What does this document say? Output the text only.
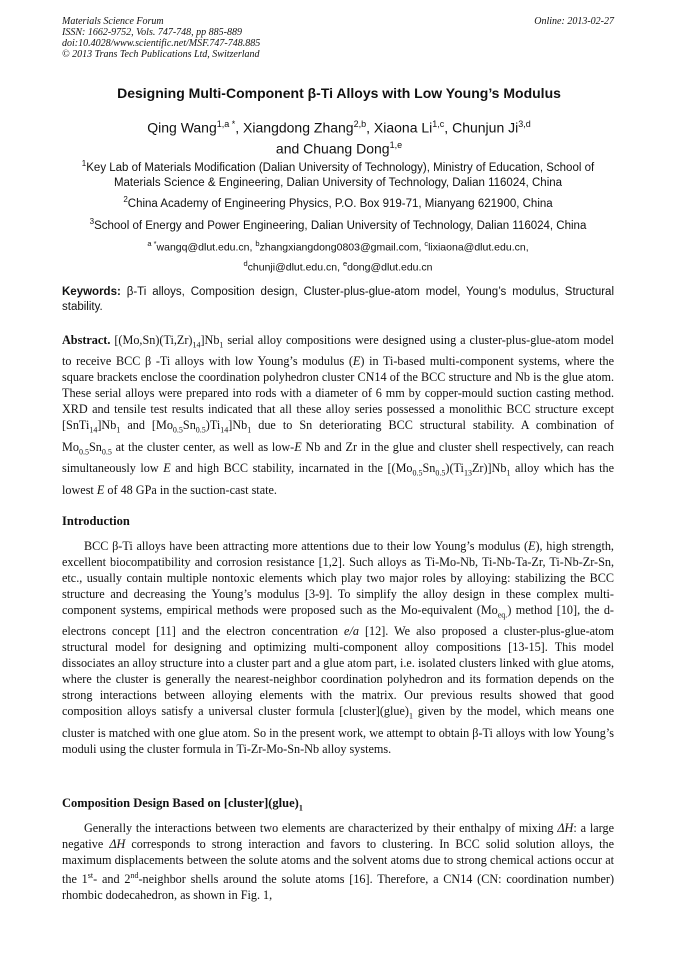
Materials Science Forum
ISSN: 1662-9752, Vols. 747-748, pp 885-889
doi:10.4028/www.scientific.net/MSF.747-748.885
© 2013 Trans Tech Publications Ltd, Switzerland
Online: 2013-02-27
Designing Multi-Component β-Ti Alloys with Low Young’s Modulus
Qing Wang$^{1,a *}$, Xiangdong Zhang$^{2,b}$, Xiaona Li$^{1,c}$, Chunjun Ji$^{3,d}$
and Chuang Dong$^{1,e}$
$^1$Key Lab of Materials Modification (Dalian University of Technology), Ministry of Education, School of Materials Science & Engineering, Dalian University of Technology, Dalian 116024, China
$^2$China Academy of Engineering Physics, P.O. Box 919-71, Mianyang 621900, China
$^3$School of Energy and Power Engineering, Dalian University of Technology, Dalian 116024, China
$^{a *}$wangq@dlut.edu.cn, $^b$zhangxiangdong0803@gmail.com, $^c$lixiaona@dlut.edu.cn,
$^d$chunji@dlut.edu.cn, $^e$dong@dlut.edu.cn
Keywords: β-Ti alloys, Composition design, Cluster-plus-glue-atom model, Young’s modulus, Structural stability.
Abstract. $[(Mo,Sn)(Ti,Zr)_{14}]Nb_1$ serial alloy compositions were designed using a cluster-plus-glue-atom model to receive BCC β -Ti alloys with low Young’s modulus (E) in Ti-based multi-component systems, where the square brackets enclose the coordination polyhedron cluster CN14 of the BCC structure and Nb is the glue atom. These serial alloys were prepared into rods with a diameter of 6 mm by copper-mould suction casting method. XRD and tensile test results indicated that all these alloy series possessed a monolithic BCC structure except $[SnTi_{14}]Nb_1$ and $[Mo_{0.5}Sn_{0.5})Ti_{14}]Nb_1$ due to Sn deteriorating BCC structural stability. A combination of $Mo_{0.5}Sn_{0.5}$ at the cluster center, as well as low-E Nb and Zr in the glue and cluster shell respectively, can reach simultaneously low E and high BCC stability, incarnated in the $[(Mo_{0.5}Sn_{0.5})(Ti_{13}Zr)]Nb_1$ alloy which has the lowest E of 48 GPa in the suction-cast state.
Introduction
BCC β-Ti alloys have been attracting more attentions due to their low Young’s modulus (E), high strength, excellent biocompatibility and corrosion resistance [1,2]. Such alloys as Ti-Mo-Nb, Ti-Nb-Ta-Zr, Ti-Nb-Zr-Sn, etc., usually contain multiple nontoxic elements which play two major roles by alloying: stabilizing the BCC structure and decreasing the Young’s modulus [3-9]. To simplify the alloy design in these complex multi-component systems, empirical methods were proposed such as the Mo-equivalent $(Mo_{eq.})$ method [10], the d-electrons concept [11] and the electron concentration e/a [12]. We also proposed a cluster-plus-glue-atom structural model for designing and optimizing multi-component alloy compositions [13-15]. This model dissociates an alloy structure into a cluster part and a glue atom part, i.e. isolated clusters linked with glue atoms, where the cluster is generally the nearest-neighbor coordination polyhedron and its formation depends on the strong interactions between alloying elements with the matrix. Our previous results showed that good composition alloys satisfy a universal cluster formula $[cluster](glue)_1$ given by the model, which means one cluster is matched with one glue atom. So in the present work, we attempt to obtain β-Ti alloys with low Young’s moduli using the cluster formula in Ti-Zr-Mo-Sn-Nb alloy systems.
Composition Design Based on $[cluster](glue)_1$
Generally the interactions between two elements are characterized by their enthalpy of mixing ΔH: a large negative ΔH corresponds to strong interaction and favors to clustering. In BCC solid solution alloys, the maximum displacements between the solute atoms and the solvent atoms due to strong chemical actions occur at the 1st- and 2nd-neighbor shells around the solute atoms [16]. Therefore, a CN14 (CN: coordination number) rhombic dodecahedron, as shown in Fig. 1,
